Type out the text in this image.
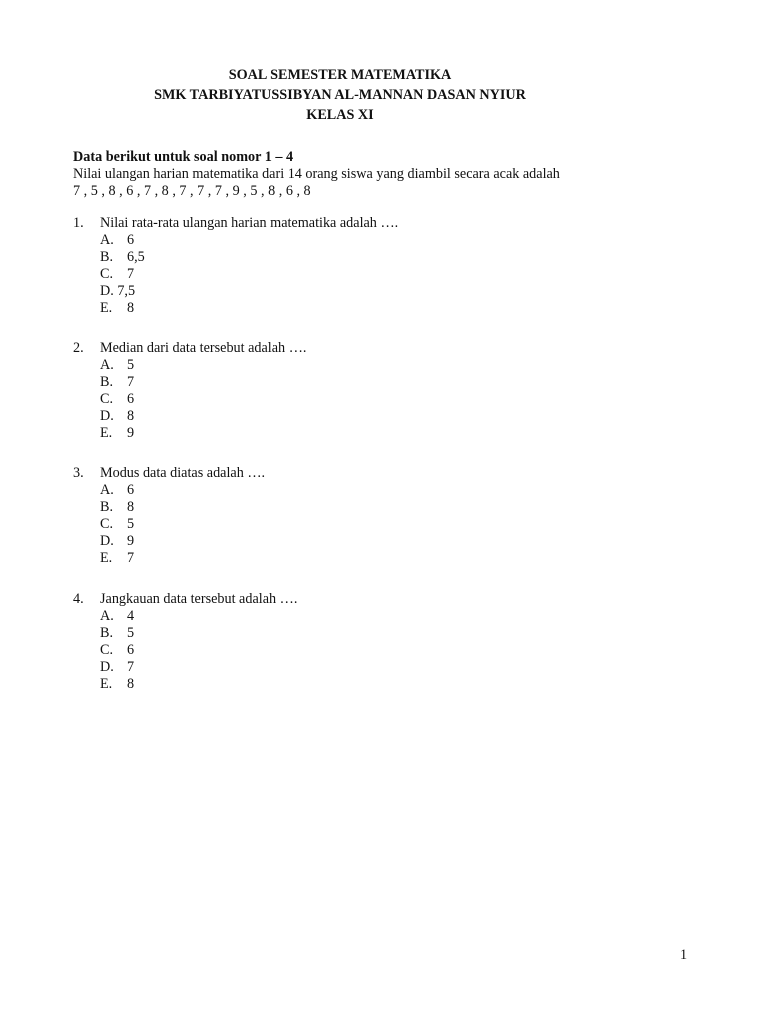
SOAL SEMESTER MATEMATIKA
SMK TARBIYATUSSIBYAN AL-MANNAN DASAN NYIUR
KELAS XI
Data berikut untuk soal nomor 1 – 4
Nilai ulangan harian matematika dari 14 orang siswa yang diambil secara acak adalah
7 , 5 , 8 , 6 , 7 , 8 , 7 , 7 , 7 , 9 , 5 , 8 , 6 , 8
1. Nilai rata-rata ulangan harian matematika adalah ….
A. 6
B. 6,5
C. 7
D. 7,5
E. 8
2. Median dari data tersebut adalah ….
A. 5
B. 7
C. 6
D. 8
E. 9
3. Modus data diatas adalah ….
A. 6
B. 8
C. 5
D. 9
E. 7
4. Jangkauan data tersebut adalah ….
A. 4
B. 5
C. 6
D. 7
E. 8
1
